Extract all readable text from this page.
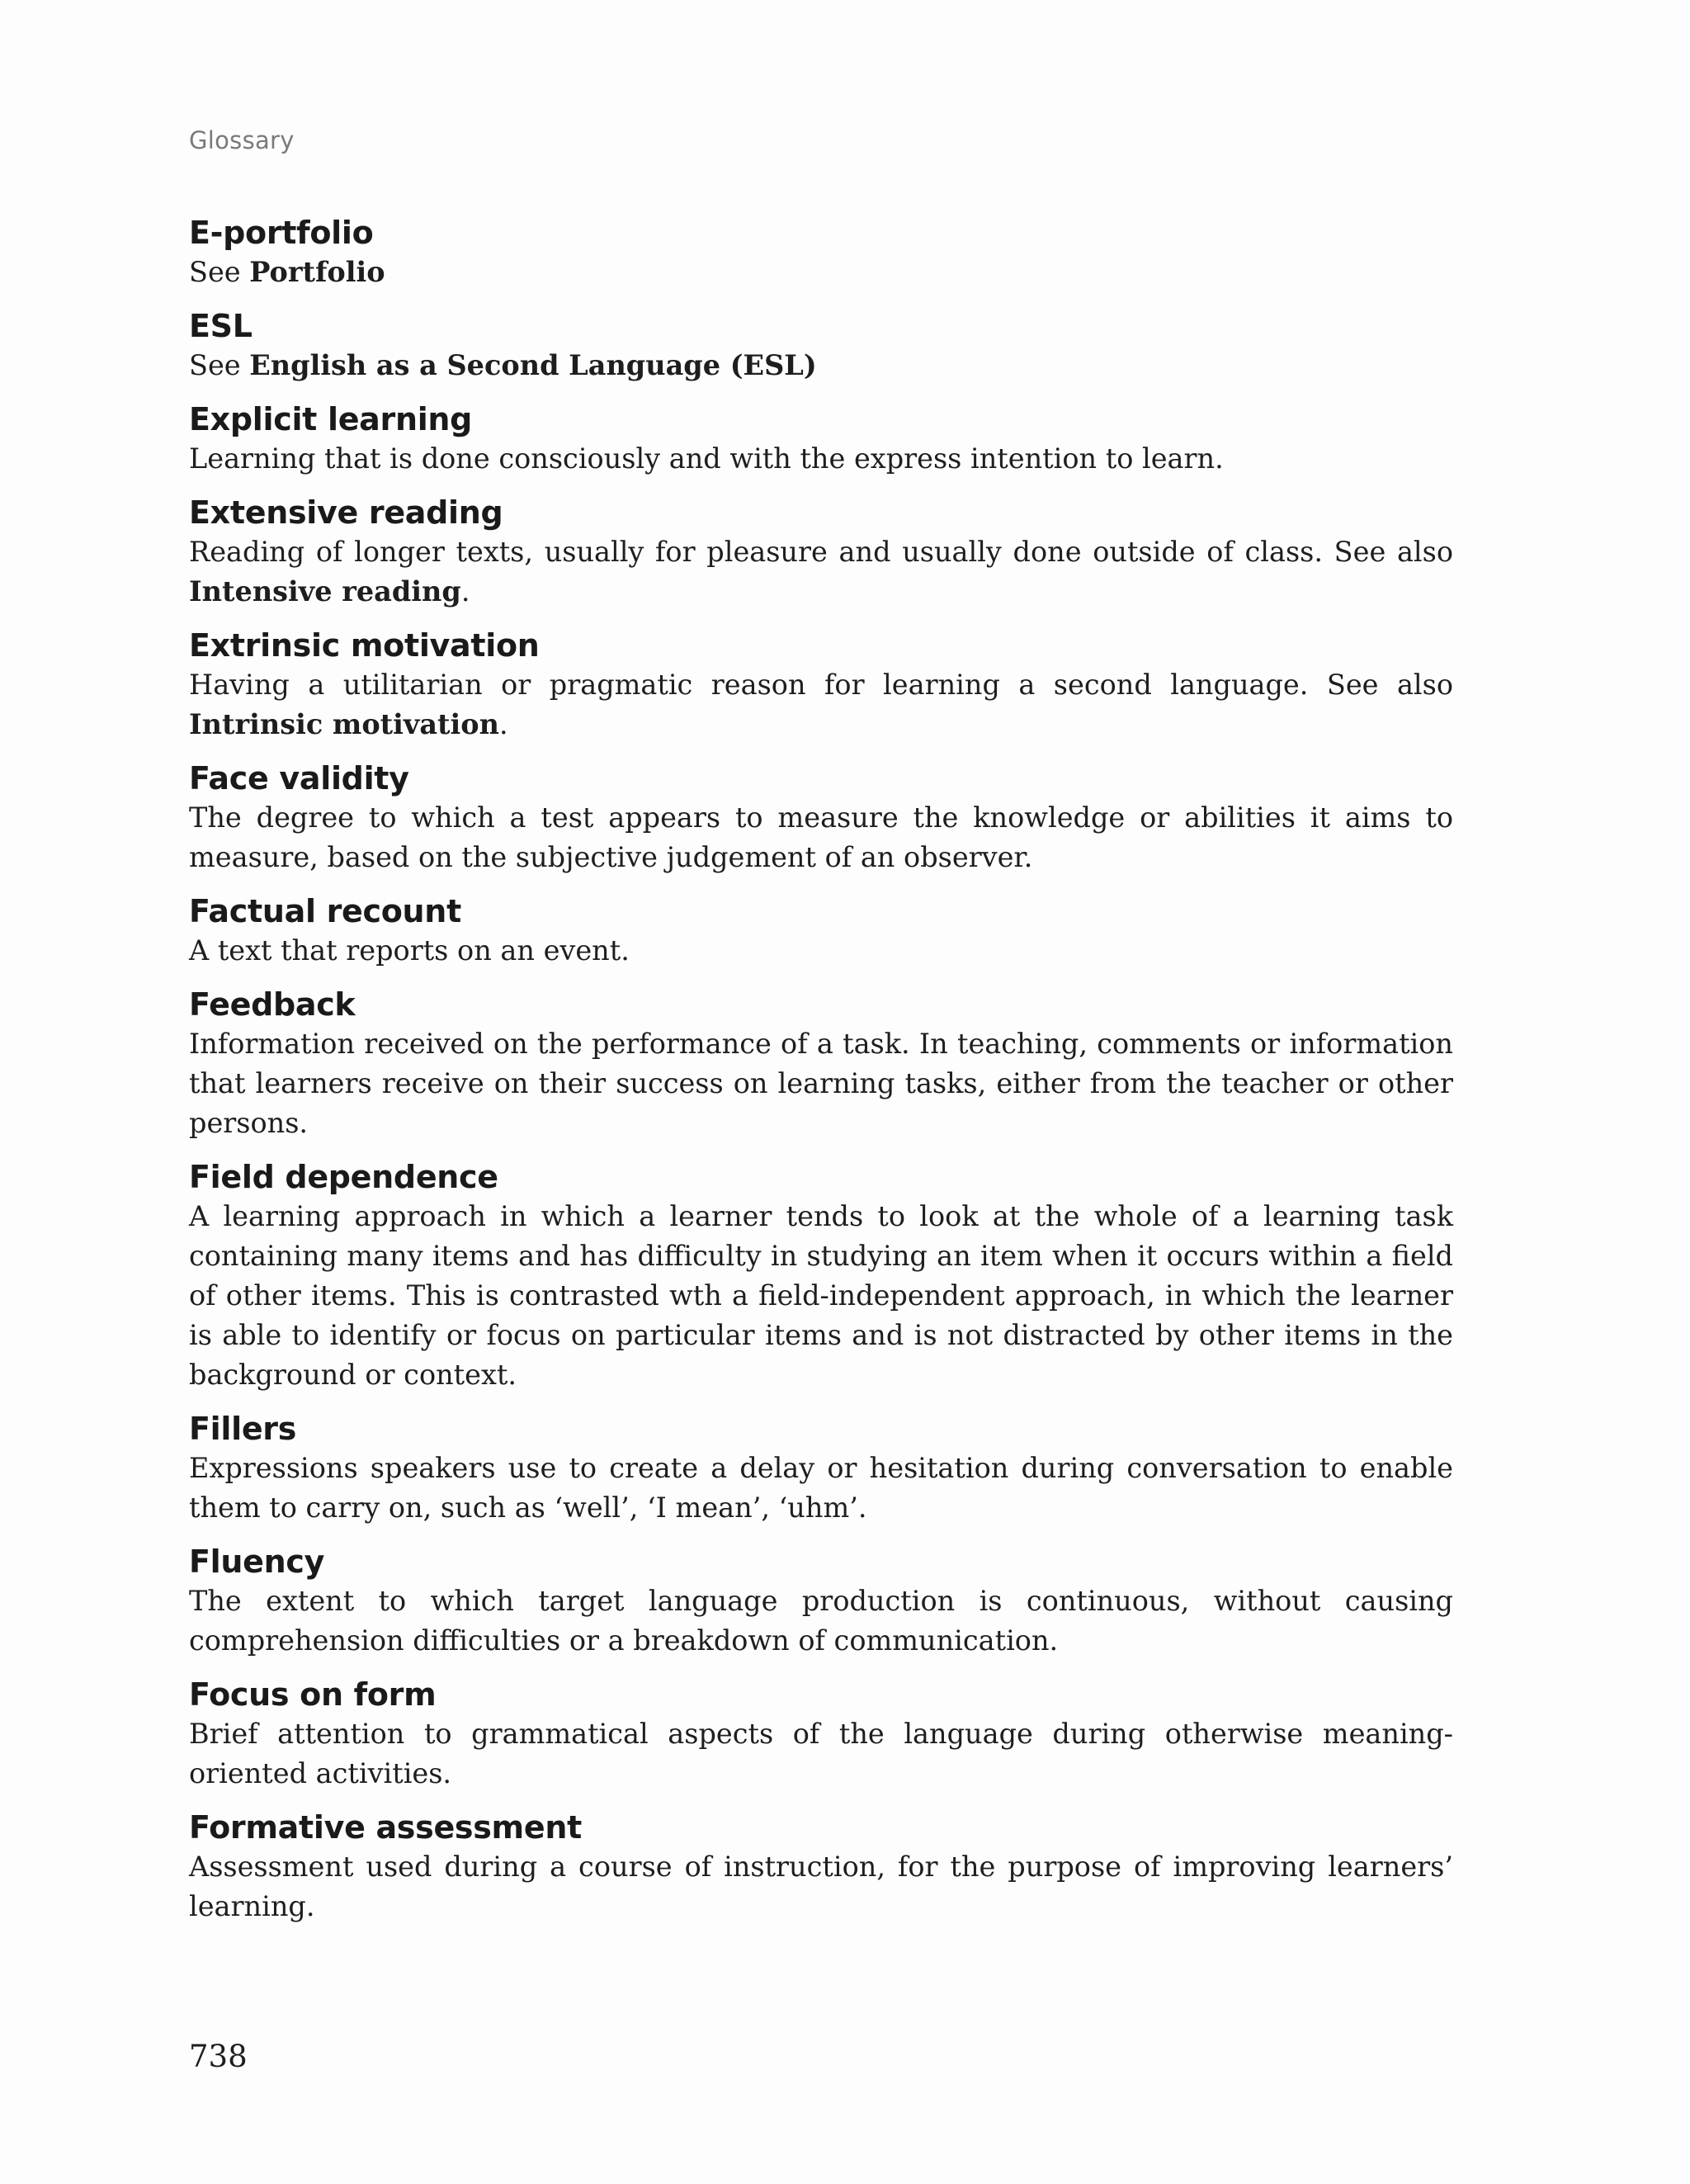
Glossary
E-portfolio
See Portfolio
ESL
See English as a Second Language (ESL)
Explicit learning
Learning that is done consciously and with the express intention to learn.
Extensive reading
Reading of longer texts, usually for pleasure and usually done outside of class. See also Intensive reading.
Extrinsic motivation
Having a utilitarian or pragmatic reason for learning a second language. See also Intrinsic motivation.
Face validity
The degree to which a test appears to measure the knowledge or abilities it aims to measure, based on the subjective judgement of an observer.
Factual recount
A text that reports on an event.
Feedback
Information received on the performance of a task. In teaching, comments or information that learners receive on their success on learning tasks, either from the teacher or other persons.
Field dependence
A learning approach in which a learner tends to look at the whole of a learning task containing many items and has difficulty in studying an item when it occurs within a field of other items. This is contrasted wth a field-independent approach, in which the learner is able to identify or focus on particular items and is not distracted by other items in the background or context.
Fillers
Expressions speakers use to create a delay or hesitation during conversation to enable them to carry on, such as ‘well’, ‘I mean’, ‘uhm’.
Fluency
The extent to which target language production is continuous, without causing comprehension difficulties or a breakdown of communication.
Focus on form
Brief attention to grammatical aspects of the language during otherwise meaning-oriented activities.
Formative assessment
Assessment used during a course of instruction, for the purpose of improving learners’ learning.
738
